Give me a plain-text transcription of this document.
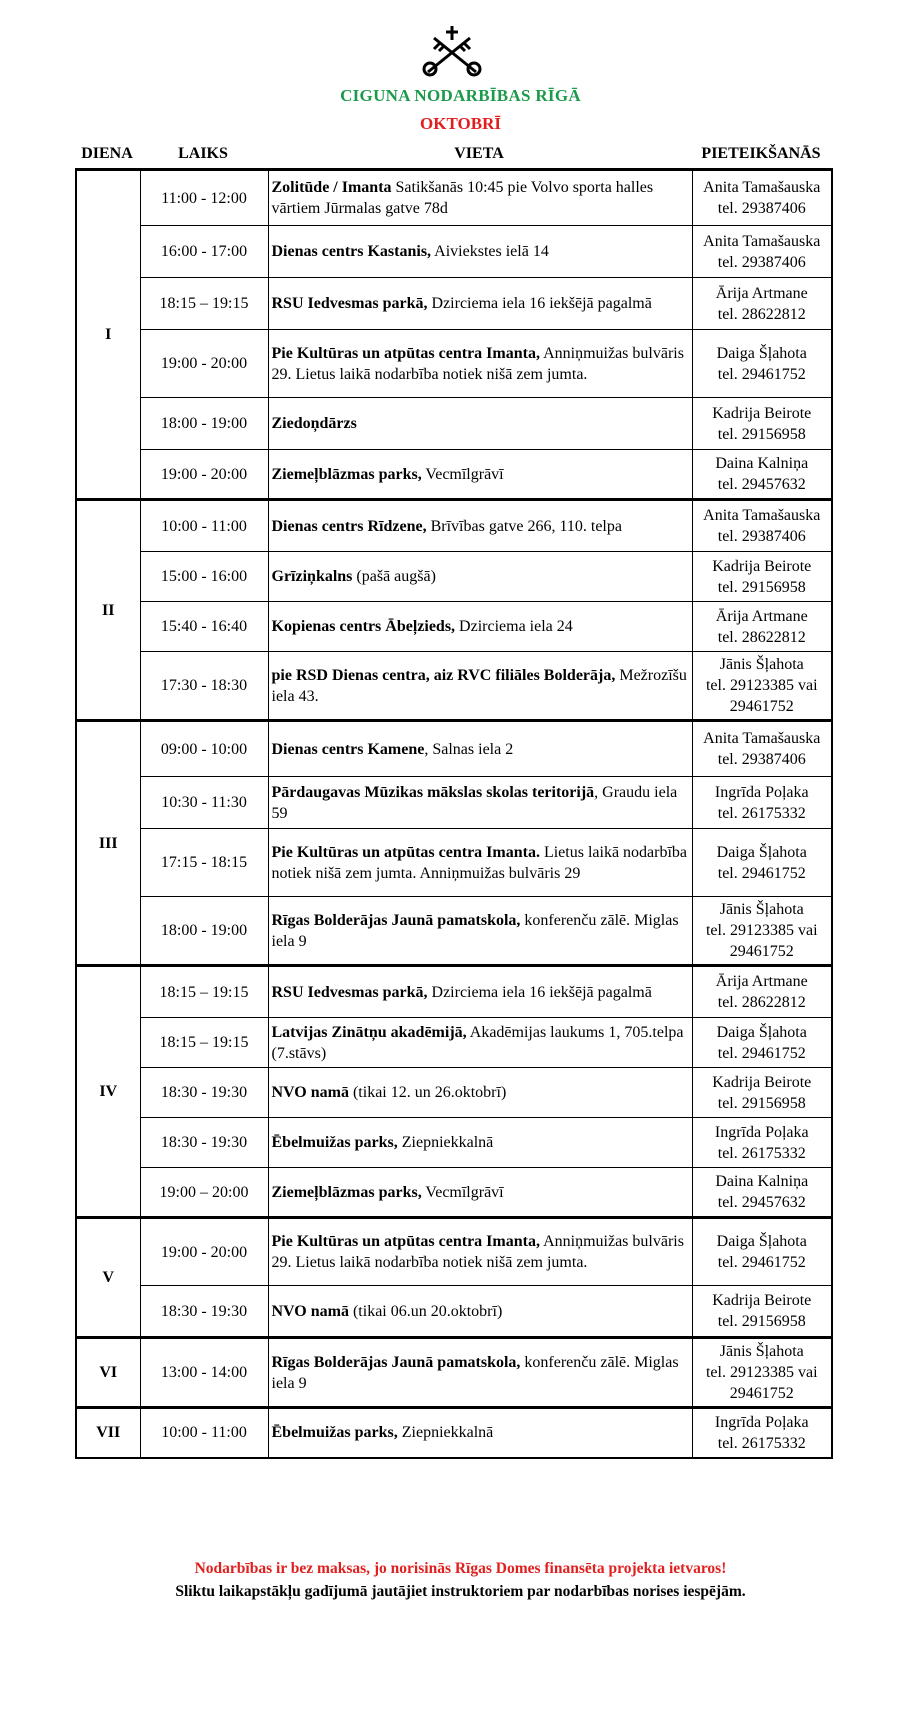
CIGUNA NODARBĪBAS RĪGĀ
OKTOBRĪ
DIENA	LAIKS	VIETA	PIETEIKŠANĀS
I	11:00 - 12:00	Zolitūde / Imanta Satikšanās 10:45 pie Volvo sporta halles vārtiem Jūrmalas gatve 78d	Anita Tamašauska
tel. 29387406

	16:00 - 17:00	Dienas centrs Kastanis, Aiviekstes ielā 14	Anita Tamašauska
tel. 29387406

	18:15 – 19:15	RSU Iedvesmas parkā, Dzirciema iela 16 iekšējā pagalmā	Ārija Artmane
tel. 28622812

	19:00 - 20:00	Pie Kultūras un atpūtas centra Imanta, Anniņmuižas bulvāris 29. Lietus laikā nodarbība notiek nišā zem jumta.	Daiga Šļahota
tel. 29461752

	18:00 - 19:00	Ziedoņdārzs	Kadrija Beirote
tel. 29156958

	19:00 - 20:00	Ziemeļblāzmas parks, Vecmīlgrāvī	Daina Kalniņa
tel. 29457632

II	10:00 - 11:00	Dienas centrs Rīdzene, Brīvības gatve 266, 110. telpa	Anita Tamašauska
tel. 29387406

	15:00 - 16:00	Grīziņkalns (pašā augšā)	Kadrija Beirote
tel. 29156958

	15:40 - 16:40	Kopienas centrs Ābeļzieds, Dzirciema iela 24	Ārija Artmane
tel. 28622812

	17:30 - 18:30	pie RSD Dienas centra, aiz RVC filiāles Bolderāja, Mežrozīšu iela 43.	Jānis Šļahota
tel. 29123385 vai 29461752

III	09:00 - 10:00	Dienas centrs Kamene, Salnas iela 2	Anita Tamašauska
tel. 29387406

	10:30 - 11:30	Pārdaugavas Mūzikas mākslas skolas teritorijā, Graudu iela 59	Ingrīda Poļaka
tel. 26175332

	17:15 - 18:15	Pie Kultūras un atpūtas centra Imanta. Lietus laikā nodarbība notiek nišā zem jumta. Anniņmuižas bulvāris 29	Daiga Šļahota
tel. 29461752

	18:00 - 19:00	Rīgas Bolderājas Jaunā pamatskola, konferenču zālē. Miglas iela 9	Jānis Šļahota
tel. 29123385 vai 29461752

IV	18:15 – 19:15	RSU Iedvesmas parkā, Dzirciema iela 16 iekšējā pagalmā	Ārija Artmane
tel. 28622812

	18:15 – 19:15	Latvijas Zinātņu akadēmijā, Akadēmijas laukums 1, 705.telpa (7.stāvs)	Daiga Šļahota
tel. 29461752

	18:30 - 19:30	NVO namā (tikai 12. un 26.oktobrī)	Kadrija Beirote
tel. 29156958

	18:30 - 19:30	Ēbelmuižas parks, Ziepniekkalnā	Ingrīda Poļaka
tel. 26175332

	19:00 – 20:00	Ziemeļblāzmas parks, Vecmīlgrāvī	Daina Kalniņa
tel. 29457632

V	19:00 - 20:00	Pie Kultūras un atpūtas centra Imanta, Anniņmuižas bulvāris 29. Lietus laikā nodarbība notiek nišā zem jumta.	Daiga Šļahota
tel. 29461752

	18:30 - 19:30	NVO namā (tikai 06.un 20.oktobrī)	Kadrija Beirote
tel. 29156958

VI	13:00 - 14:00	Rīgas Bolderājas Jaunā pamatskola, konferenču zālē. Miglas iela 9	Jānis Šļahota
tel. 29123385 vai 29461752

VII	10:00 - 11:00	Ēbelmuižas parks, Ziepniekkalnā	Ingrīda Poļaka
tel. 26175332
Nodarbības ir bez maksas, jo norisinās Rīgas Domes finansēta projekta ietvaros!
Sliktu laikapstākļu gadījumā jautājiet instruktoriem par nodarbības norises iespējām.
